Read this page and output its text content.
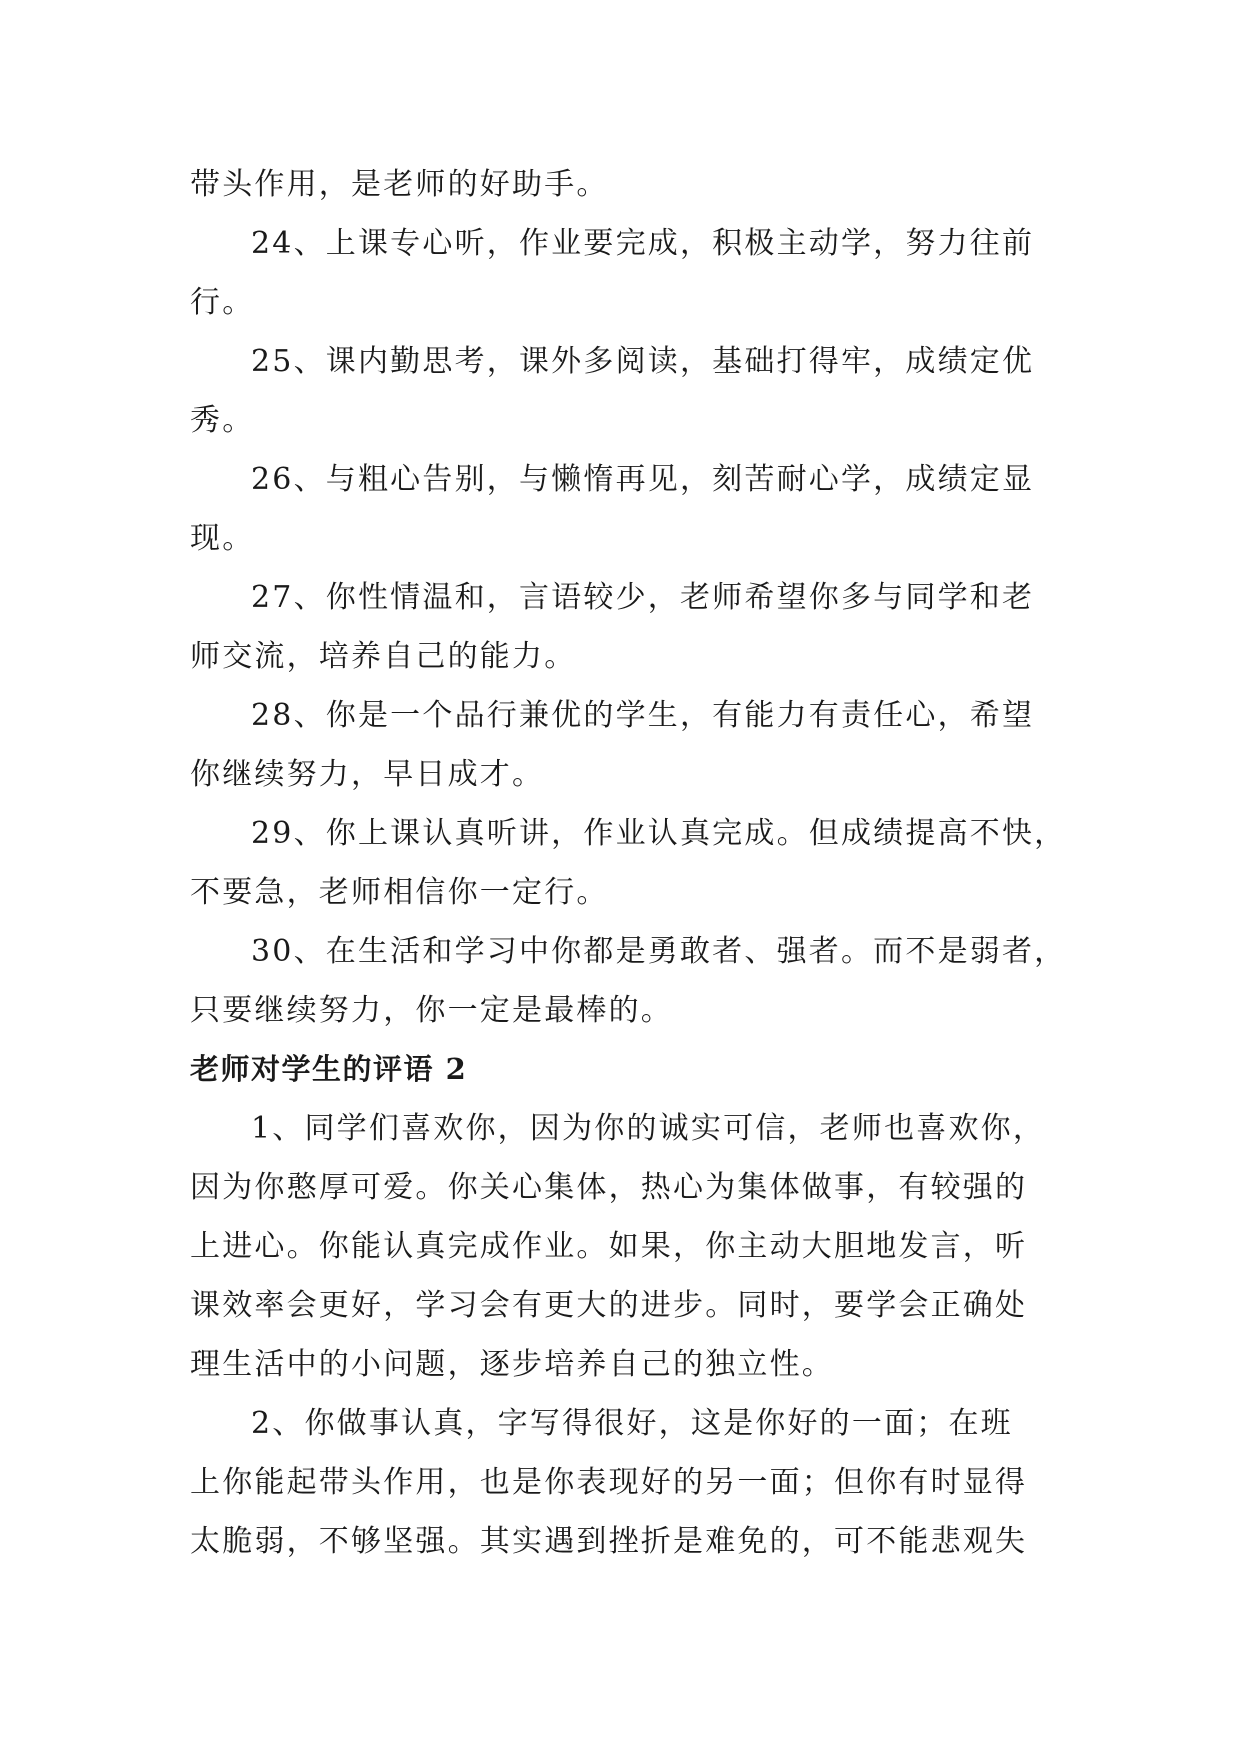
带头作用，是老师的好助手。

24、上课专心听，作业要完成，积极主动学，努力往前
行。

25、课内勤思考，课外多阅读，基础打得牢，成绩定优
秀。

26、与粗心告别，与懒惰再见，刻苦耐心学，成绩定显
现。

27、你性情温和，言语较少，老师希望你多与同学和老
师交流，培养自己的能力。

28、你是一个品行兼优的学生，有能力有责任心，希望
你继续努力，早日成才。

29、你上课认真听讲，作业认真完成。但成绩提高不快，
不要急，老师相信你一定行。

30、在生活和学习中你都是勇敢者、强者。而不是弱者，
只要继续努力，你一定是最棒的。

老师对学生的评语 2

1、同学们喜欢你，因为你的诚实可信，老师也喜欢你，
因为你憨厚可爱。你关心集体，热心为集体做事，有较强的
上进心。你能认真完成作业。如果，你主动大胆地发言，听
课效率会更好，学习会有更大的进步。同时，要学会正确处
理生活中的小问题，逐步培养自己的独立性。

2、你做事认真，字写得很好，这是你好的一面；在班
上你能起带头作用，也是你表现好的另一面；但你有时显得
太脆弱，不够坚强。其实遇到挫折是难免的，可不能悲观失
